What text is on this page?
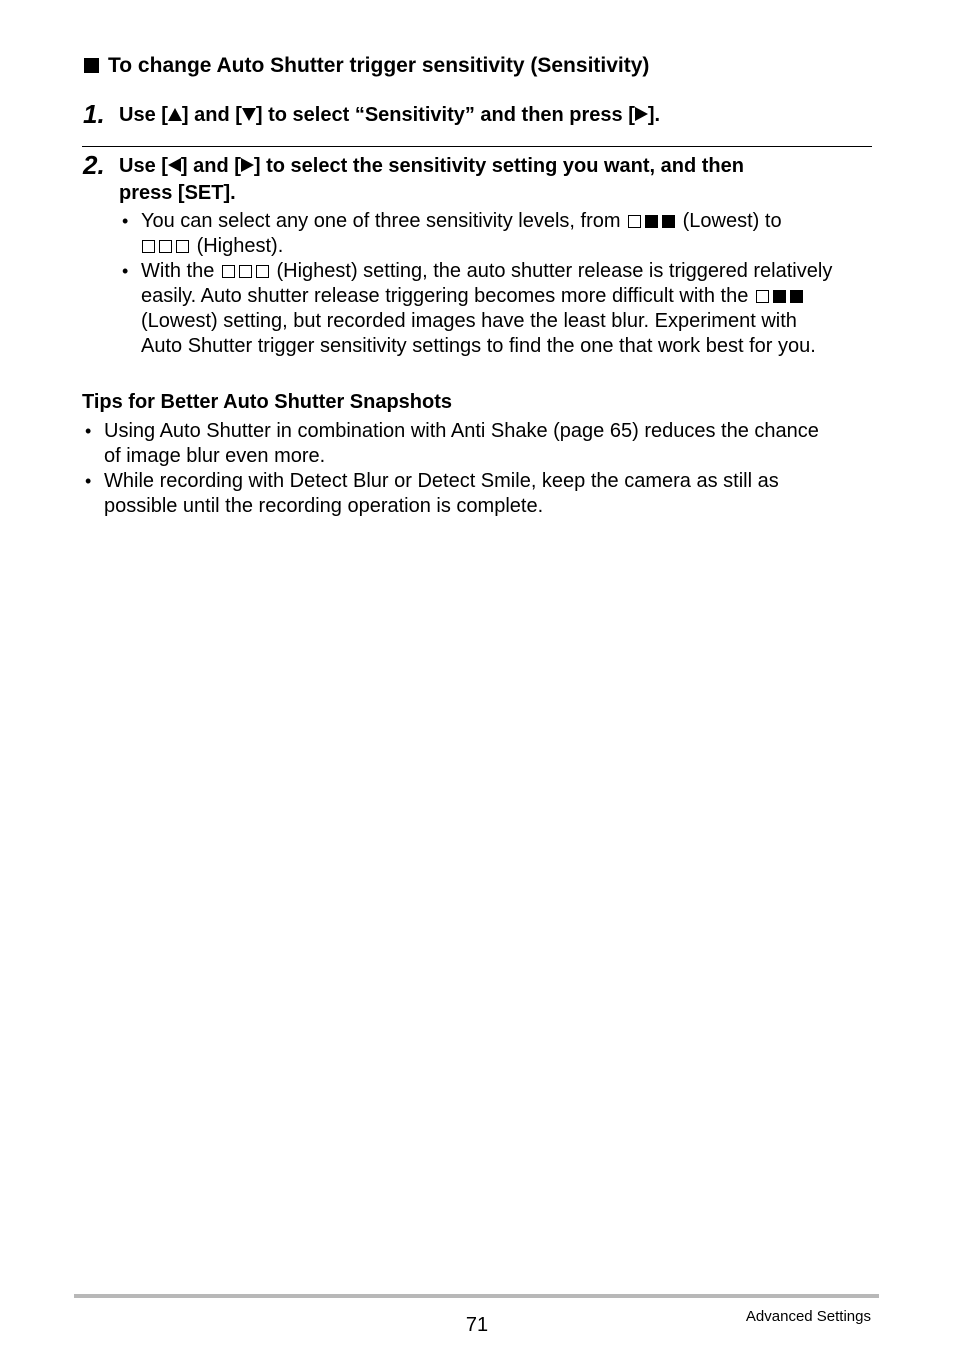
To change Auto Shutter trigger sensitivity (Sensitivity)
1. Use [ ] and [ ] to select “Sensitivity” and then press [ ].
2. Use [ ] and [ ] to select the sensitivity setting you want, and then
press [SET].
• You can select any one of three sensitivity levels, from	(Lowest) to
(Highest).
• With the	(Highest) setting, the auto shutter release is triggered relatively
easily. Auto shutter release triggering becomes more difficult with the
(Lowest) setting, but recorded images have the least blur. Experiment with
Auto Shutter trigger sensitivity settings to find the one that work best for you.
Tips for Better Auto Shutter Snapshots
• Using Auto Shutter in combination with Anti Shake (page 65) reduces the chance
of image blur even more.
• While recording with Detect Blur or Detect Smile, keep the camera as still as
possible until the recording operation is complete.
71	Advanced Settings
